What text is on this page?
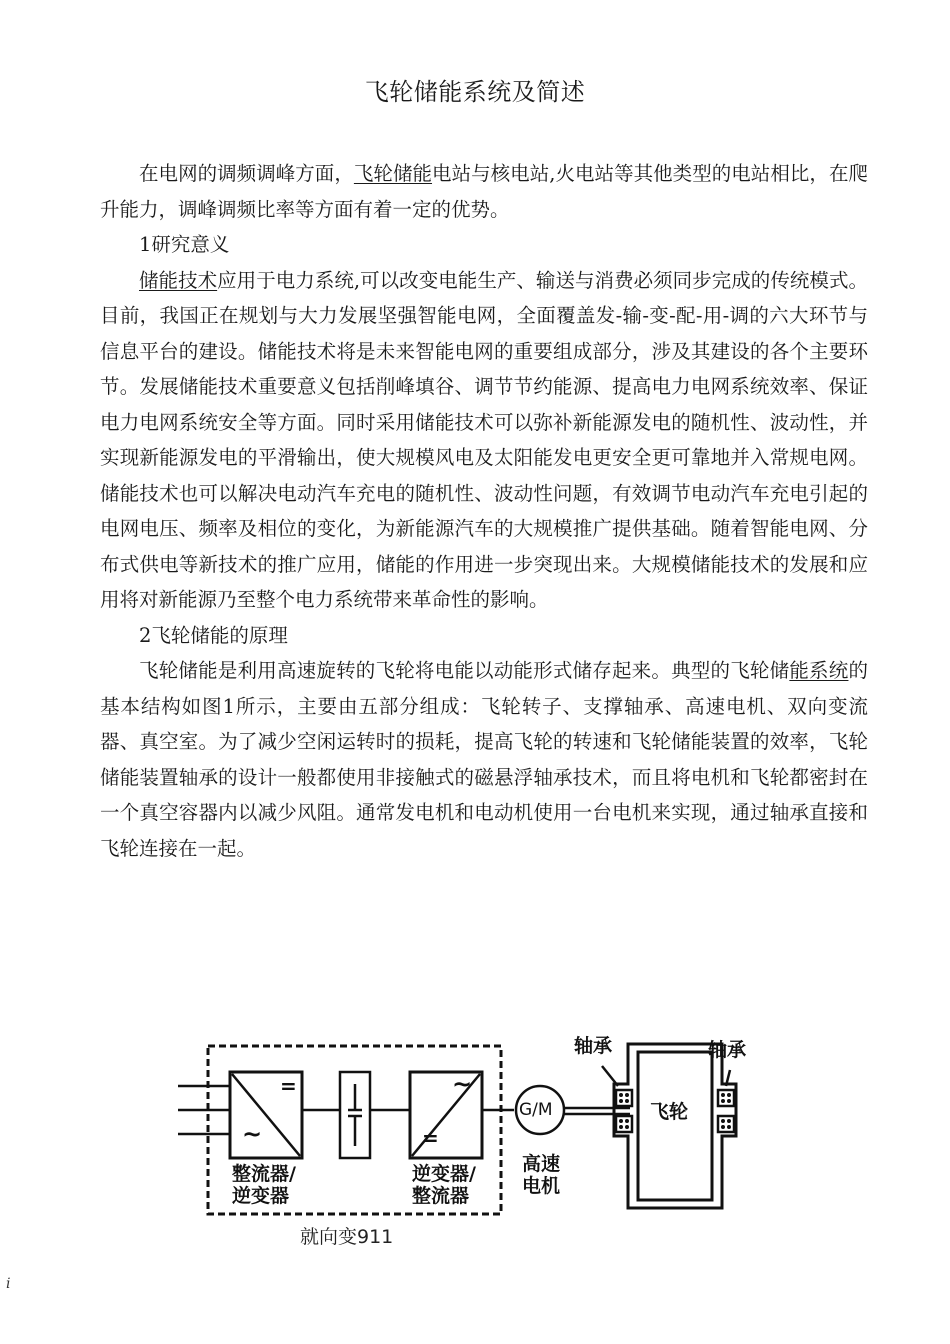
飞轮储能系统及简述

在电网的调频调峰方面，飞轮储能电站与核电站,火电站等其他类型的电站相比，在爬升能力，调峰调频比率等方面有着一定的优势。

1研究意义

储能技术应用于电力系统,可以改变电能生产、输送与消费必须同步完成的传统模式。目前，我国正在规划与大力发展坚强智能电网，全面覆盖发-输-变-配-用-调的六大环节与信息平台的建设。储能技术将是未来智能电网的重要组成部分，涉及其建设的各个主要环节。发展储能技术重要意义包括削峰填谷、调节节约能源、提高电力电网系统效率、保证电力电网系统安全等方面。同时采用储能技术可以弥补新能源发电的随机性、波动性，并实现新能源发电的平滑输出，使大规模风电及太阳能发电更安全更可靠地并入常规电网。储能技术也可以解决电动汽车充电的随机性、波动性问题，有效调节电动汽车充电引起的电网电压、频率及相位的变化，为新能源汽车的大规模推广提供基础。随着智能电网、分布式供电等新技术的推广应用，储能的作用进一步突现出来。大规模储能技术的发展和应用将对新能源乃至整个电力系统带来革命性的影响。

2飞轮储能的原理

飞轮储能是利用高速旋转的飞轮将电能以动能形式储存起来。典型的飞轮储能系统的基本结构如图1所示，主要由五部分组成：飞轮转子、支撑轴承、高速电机、双向变流器、真空室。为了减少空闲运转时的损耗，提高飞轮的转速和飞轮储能装置的效率，飞轮储能装置轴承的设计一般都使用非接触式的磁悬浮轴承技术，而且将电机和飞轮都密封在一个真空容器内以减少风阻。通常发电机和电动机使用一台电机来实现，通过轴承直接和飞轮连接在一起。

=
~
~
=
整流器/
逆变器
逆变器/
整流器
G/M
高速
电机
轴承	轴承
飞轮
就向变911
i
